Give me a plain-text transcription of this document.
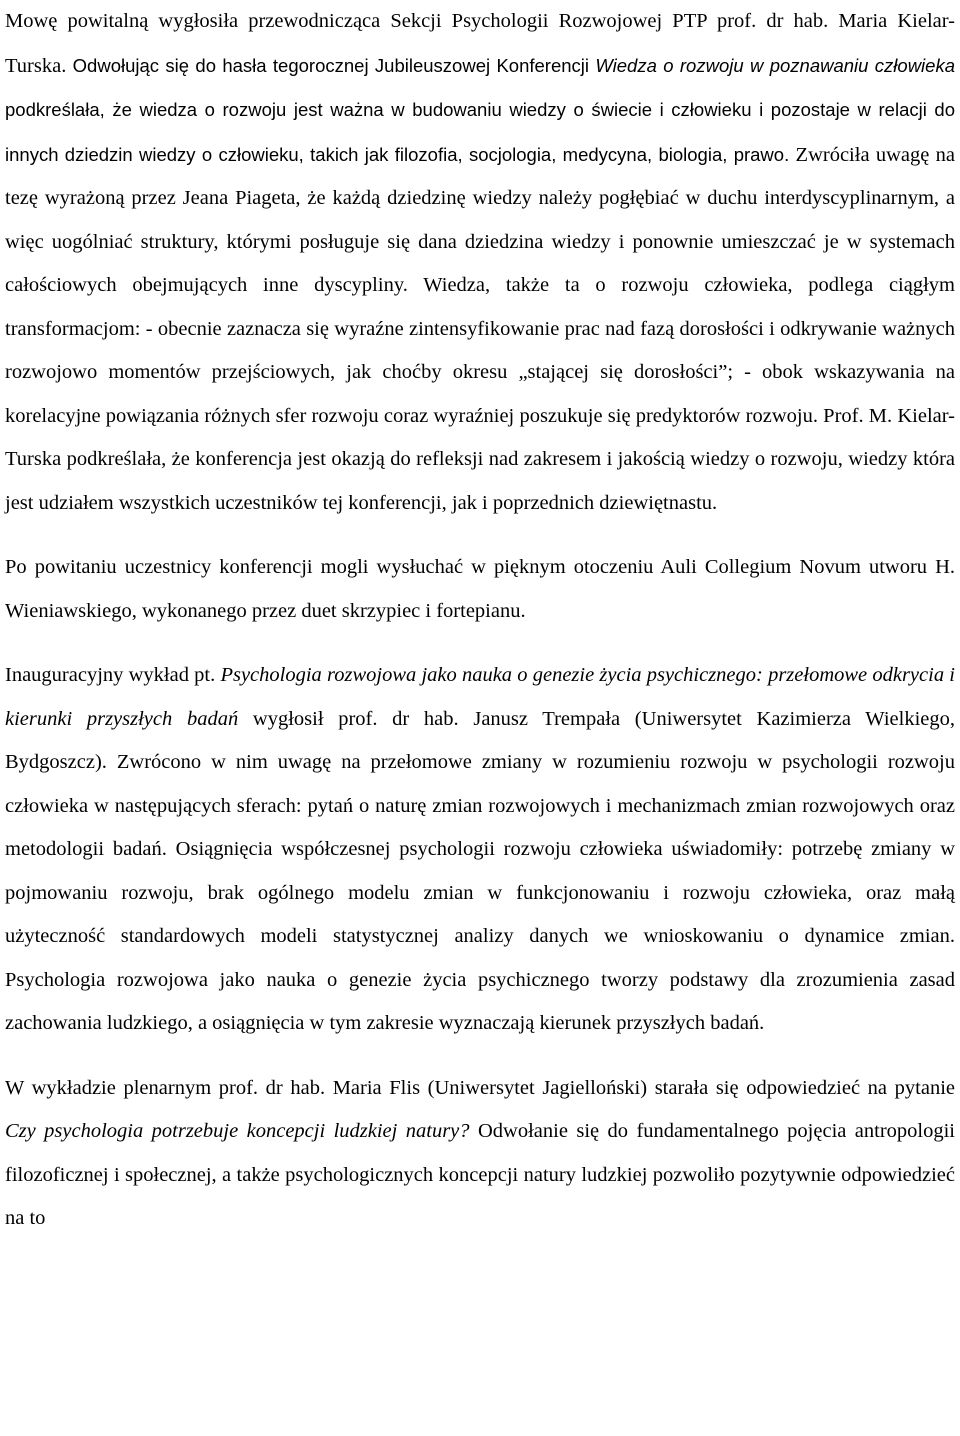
Mowę powitalną wygłosiła przewodnicząca Sekcji Psychologii Rozwojowej PTP prof. dr hab. Maria Kielar-Turska. Odwołując się do hasła tegorocznej Jubileuszowej Konferencji Wiedza o rozwoju w poznawaniu człowieka podkreślała, że wiedza o rozwoju jest ważna w budowaniu wiedzy o świecie i człowieku i pozostaje w relacji do innych dziedzin wiedzy o człowieku, takich jak filozofia, socjologia, medycyna, biologia, prawo. Zwróciła uwagę na tezę wyrażoną przez Jeana Piageta, że każdą dziedzinę wiedzy należy pogłębiać w duchu interdyscyplinarnym, a więc uogólniać struktury, którymi posługuje się dana dziedzina wiedzy i ponownie umieszczać je w systemach całościowych obejmujących inne dyscypliny. Wiedza, także ta o rozwoju człowieka, podlega ciągłym transformacjom: - obecnie zaznacza się wyraźne zintensyfikowanie prac nad fazą dorosłości i odkrywanie ważnych rozwojowo momentów przejściowych, jak choćby okresu „stającej się dorosłości”; - obok wskazywania na korelacyjne powiązania różnych sfer rozwoju coraz wyraźniej poszukuje się predyktorów rozwoju. Prof. M. Kielar-Turska podkreślała, że konferencja jest okazją do refleksji nad zakresem i jakością wiedzy o rozwoju, wiedzy która jest udziałem wszystkich uczestników tej konferencji, jak i poprzednich dziewiętnastu.

Po powitaniu uczestnicy konferencji mogli wysłuchać w pięknym otoczeniu Auli Collegium Novum utworu H. Wieniawskiego, wykonanego przez duet skrzypiec i fortepianu.

Inauguracyjny wykład pt. Psychologia rozwojowa jako nauka o genezie życia psychicznego: przełomowe odkrycia i kierunki przyszłych badań wygłosił prof. dr hab. Janusz Trempała (Uniwersytet Kazimierza Wielkiego, Bydgoszcz). Zwrócono w nim uwagę na przełomowe zmiany w rozumieniu rozwoju w psychologii rozwoju człowieka w następujących sferach: pytań o naturę zmian rozwojowych i mechanizmach zmian rozwojowych oraz metodologii badań. Osiągnięcia współczesnej psychologii rozwoju człowieka uświadomiły: potrzebę zmiany w pojmowaniu rozwoju, brak ogólnego modelu zmian w funkcjonowaniu i rozwoju człowieka, oraz małą użyteczność standardowych modeli statystycznej analizy danych we wnioskowaniu o dynamice zmian. Psychologia rozwojowa jako nauka o genezie życia psychicznego tworzy podstawy dla zrozumienia zasad zachowania ludzkiego, a osiągnięcia w tym zakresie wyznaczają kierunek przyszłych badań.

W wykładzie plenarnym prof. dr hab. Maria Flis (Uniwersytet Jagielloński) starała się odpowiedzieć na pytanie Czy psychologia potrzebuje koncepcji ludzkiej natury? Odwołanie się do fundamentalnego pojęcia antropologii filozoficznej i społecznej, a także psychologicznych koncepcji natury ludzkiej pozwoliło pozytywnie odpowiedzieć na to
